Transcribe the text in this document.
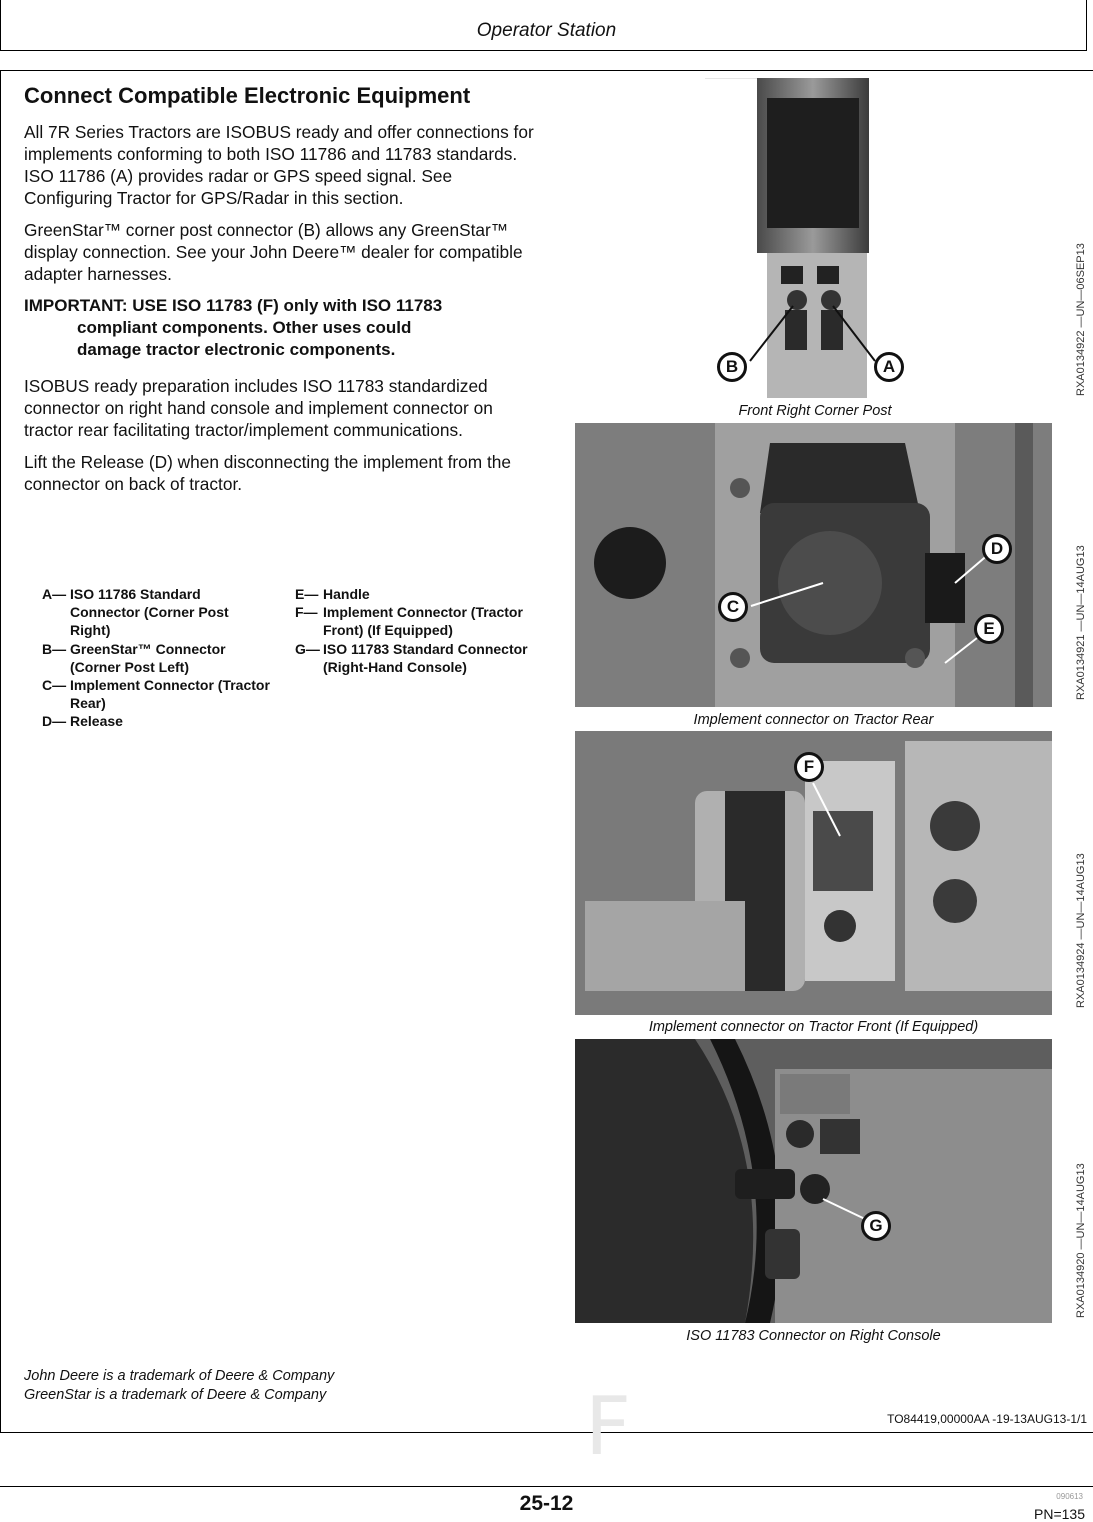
Operator Station
F
Connect Compatible Electronic Equipment

All 7R Series Tractors are ISOBUS ready and offer connections for implements conforming to both ISO 11786 and 11783 standards. ISO 11786 (A) provides radar or GPS speed signal. See Configuring Tractor for GPS/Radar in this section.

GreenStar™ corner post connector (B) allows any GreenStar™ display connection. See your John Deere™ dealer for compatible adapter harnesses.

IMPORTANT: USE ISO 11783 (F) only with ISO 11783
compliant components. Other uses could
damage tractor electronic components.

ISOBUS ready preparation includes ISO 11783 standardized connector on right hand console and implement connector on tractor rear facilitating tractor/implement communications.

Lift the Release (D) when disconnecting the implement from the connector on back of tractor.

A— ISO 11786 Standard Connector (Corner Post Right)
B— GreenStar™ Connector (Corner Post Left)
C— Implement Connector (Tractor Rear)
D— Release
E— Handle
F— Implement Connector (Tractor Front) (If Equipped)
G— ISO 11783 Standard Connector (Right-Hand Console)
B	A
Front Right Corner Post
RXA0134922 —UN—06SEP13
C
D
E
Implement connector on Tractor Rear
RXA0134921 —UN—14AUG13
F
Implement connector on Tractor Front (If Equipped)
RXA0134924 —UN—14AUG13
G
ISO 11783 Connector on Right Console
RXA0134920 —UN—14AUG13
John Deere is a trademark of Deere & Company
GreenStar is a trademark of Deere & Company
TO84419,00000AA -19-13AUG13-1/1
25-12	090613
PN=135
